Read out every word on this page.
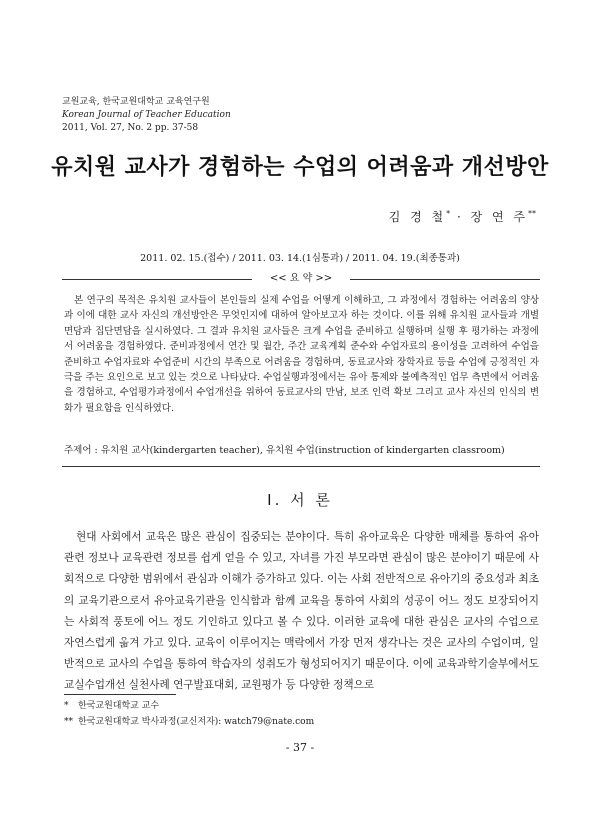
교원교육, 한국교원대학교 교육연구원
Korean Journal of Teacher Education
2011, Vol. 27, No. 2 pp. 37-58
유치원 교사가 경험하는 수업의 어려움과 개선방안
김 경 철* · 장 연 주**
2011. 02. 15.(접수) / 2011. 03. 14.(1심통과) / 2011. 04. 19.(최종통과)
<< 요 약 >>

본 연구의 목적은 유치원 교사들이 본인들의 실제 수업을 어떻게 이해하고, 그 과정에서 경험하는 어려움의 양상과 이에 대한 교사 자신의 개선방안은 무엇인지에 대하여 알아보고자 하는 것이다. 이를 위해 유치원 교사들과 개별면담과 집단면담을 실시하였다. 그 결과 유치원 교사들은 크게 수업을 준비하고 실행하며 실행 후 평가하는 과정에서 어려움을 경험하였다. 준비과정에서 연간 및 월간, 주간 교육계획 준수와 수업자료의 용이성을 고려하여 수업을 준비하고 수업자료와 수업준비 시간의 부족으로 어려움을 경험하며, 동료교사와 장학자료 등을 수업에 긍정적인 자극을 주는 요인으로 보고 있는 것으로 나타났다. 수업실행과정에서는 유아 통제와 불예측적인 업무 측면에서 어려움을 경험하고, 수업평가과정에서 수업개선을 위하여 동료교사의 만남, 보조 인력 확보 그리고 교사 자신의 인식의 변화가 필요함을 인식하였다.

주제어 : 유치원 교사(kindergarten teacher), 유치원 수업(instruction of kindergarten classroom)
Ⅰ. 서 론

현대 사회에서 교육은 많은 관심이 집중되는 분야이다. 특히 유아교육은 다양한 매체를 통하여 유아 관련 정보나 교육관련 정보를 쉽게 얻을 수 있고, 자녀를 가진 부모라면 관심이 많은 분야이기 때문에 사회적으로 다양한 범위에서 관심과 이해가 증가하고 있다. 이는 사회 전반적으로 유아기의 중요성과 최초의 교육기관으로서 유아교육기관을 인식함과 함께 교육을 통하여 사회의 성공이 어느 정도 보장되어지는 사회적 풍토에 어느 정도 기인하고 있다고 볼 수 있다. 이러한 교육에 대한 관심은 교사의 수업으로 자연스럽게 옮겨 가고 있다. 교육이 이루어지는 맥락에서 가장 먼저 생각나는 것은 교사의 수업이며, 일반적으로 교사의 수업을 통하여 학습자의 성취도가 형성되어지기 때문이다. 이에 교육과학기술부에서도 교실수업개선 실천사례 연구발표대회, 교원평가 등 다양한 정책으로

* 한국교원대학교 교수
** 한국교원대학교 박사과정(교신저자): watch79@nate.com
- 37 -
